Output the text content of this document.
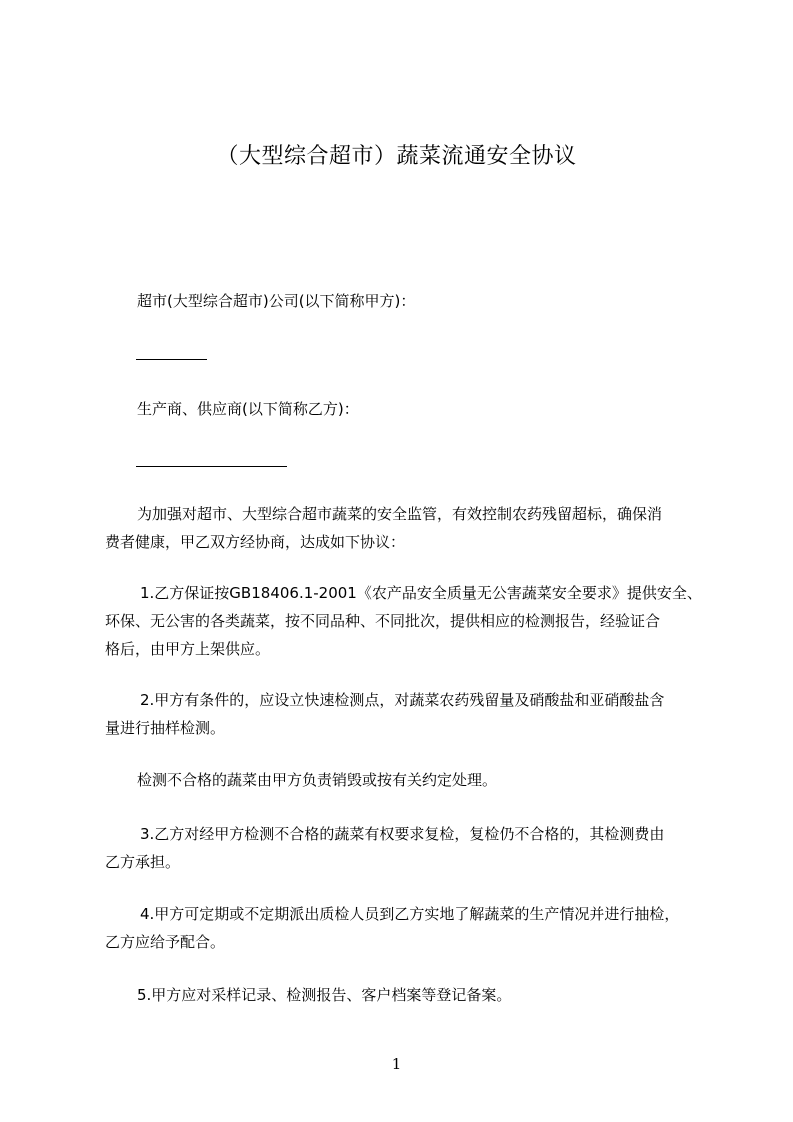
（大型综合超市）蔬菜流通安全协议

超市(大型综合超市)公司(以下简称甲方)：

生产商、供应商(以下简称乙方)：

为加强对超市、大型综合超市蔬菜的安全监管，有效控制农药残留超标，确保消

费者健康，甲乙双方经协商，达成如下协议：

1.乙方保证按GB18406.1-2001《农产品安全质量无公害蔬菜安全要求》提供安全、

环保、无公害的各类蔬菜，按不同品种、不同批次，提供相应的检测报告，经验证合

格后，由甲方上架供应。

2.甲方有条件的，应设立快速检测点，对蔬菜农药残留量及硝酸盐和亚硝酸盐含

量进行抽样检测。

检测不合格的蔬菜由甲方负责销毁或按有关约定处理。

3.乙方对经甲方检测不合格的蔬菜有权要求复检，复检仍不合格的，其检测费由

乙方承担。

4.甲方可定期或不定期派出质检人员到乙方实地了解蔬菜的生产情况并进行抽检，

乙方应给予配合。

5.甲方应对采样记录、检测报告、客户档案等登记备案。

1
